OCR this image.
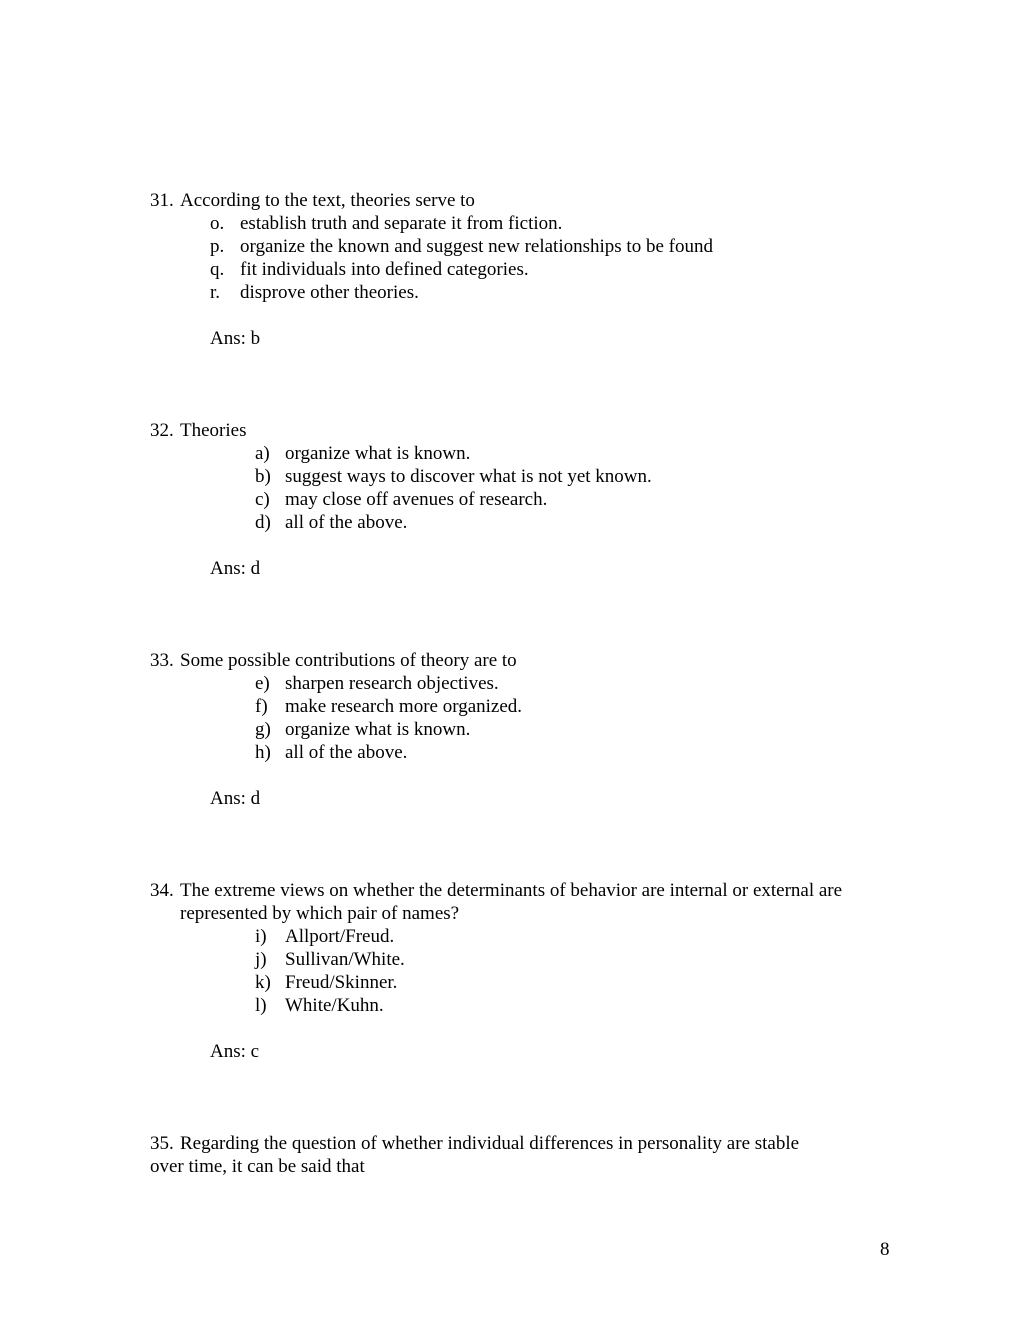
31. According to the text, theories serve to
o. establish truth and separate it from fiction.
p. organize the known and suggest new relationships to be found
q. fit individuals into defined categories.
r. disprove other theories.
Ans: b
32. Theories
a) organize what is known.
b) suggest ways to discover what is not yet known.
c) may close off avenues of research.
d) all of the above.
Ans: d
33. Some possible contributions of theory are to
e) sharpen research objectives.
f) make research more organized.
g) organize what is known.
h) all of the above.
Ans: d
34. The extreme views on whether the determinants of behavior are internal or external are
represented by which pair of names?
i) Allport/Freud.
j) Sullivan/White.
k) Freud/Skinner.
l) White/Kuhn.
Ans: c
35. Regarding the question of whether individual differences in personality are stable
over time, it can be said that
8
